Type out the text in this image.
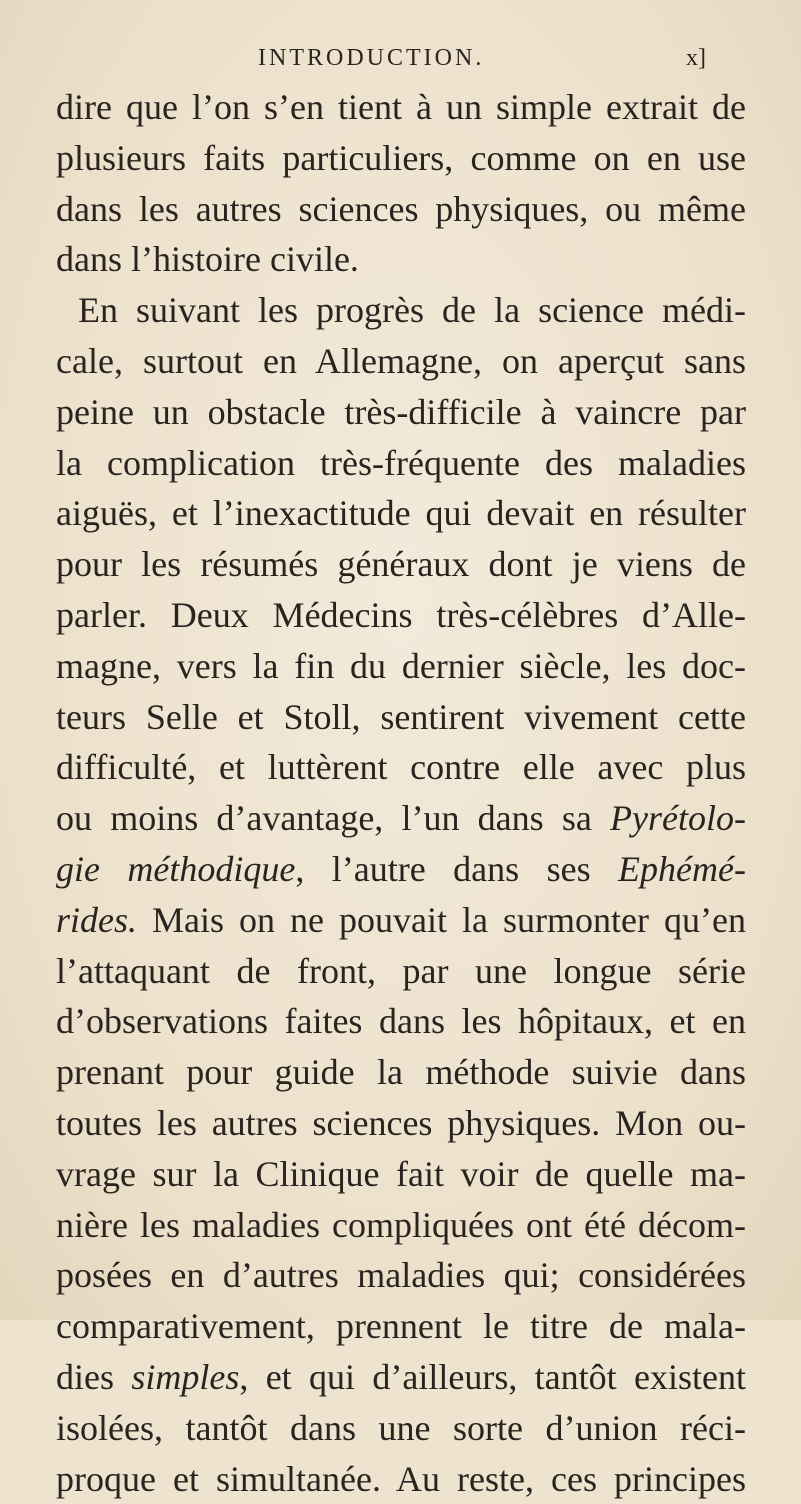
INTRODUCTION.	x]
dire que l’on s’en tient à un simple extrait de
plusieurs faits particuliers, comme on en use
dans les autres sciences physiques, ou même
dans l’histoire civile.
En suivant les progrès de la science médi-
cale, surtout en Allemagne, on aperçut sans
peine un obstacle très-difficile à vaincre par
la complication très-fréquente des maladies
aiguës, et l’inexactitude qui devait en résulter
pour les résumés généraux dont je viens de
parler. Deux Médecins très-célèbres d’Alle-
magne, vers la fin du dernier siècle, les doc-
teurs Selle et Stoll, sentirent vivement cette
difficulté, et luttèrent contre elle avec plus
ou moins d’avantage, l’un dans sa Pyrétolo-
gie méthodique, l’autre dans ses Ephémé-
rides. Mais on ne pouvait la surmonter qu’en
l’attaquant de front, par une longue série
d’observations faites dans les hôpitaux, et en
prenant pour guide la méthode suivie dans
toutes les autres sciences physiques. Mon ou-
vrage sur la Clinique fait voir de quelle ma-
nière les maladies compliquées ont été décom-
posées en d’autres maladies qui; considérées
comparativement, prennent le titre de mala-
dies simples, et qui d’ailleurs, tantôt existent
isolées, tantôt dans une sorte d’union réci-
proque et simultanée. Au reste, ces principes
